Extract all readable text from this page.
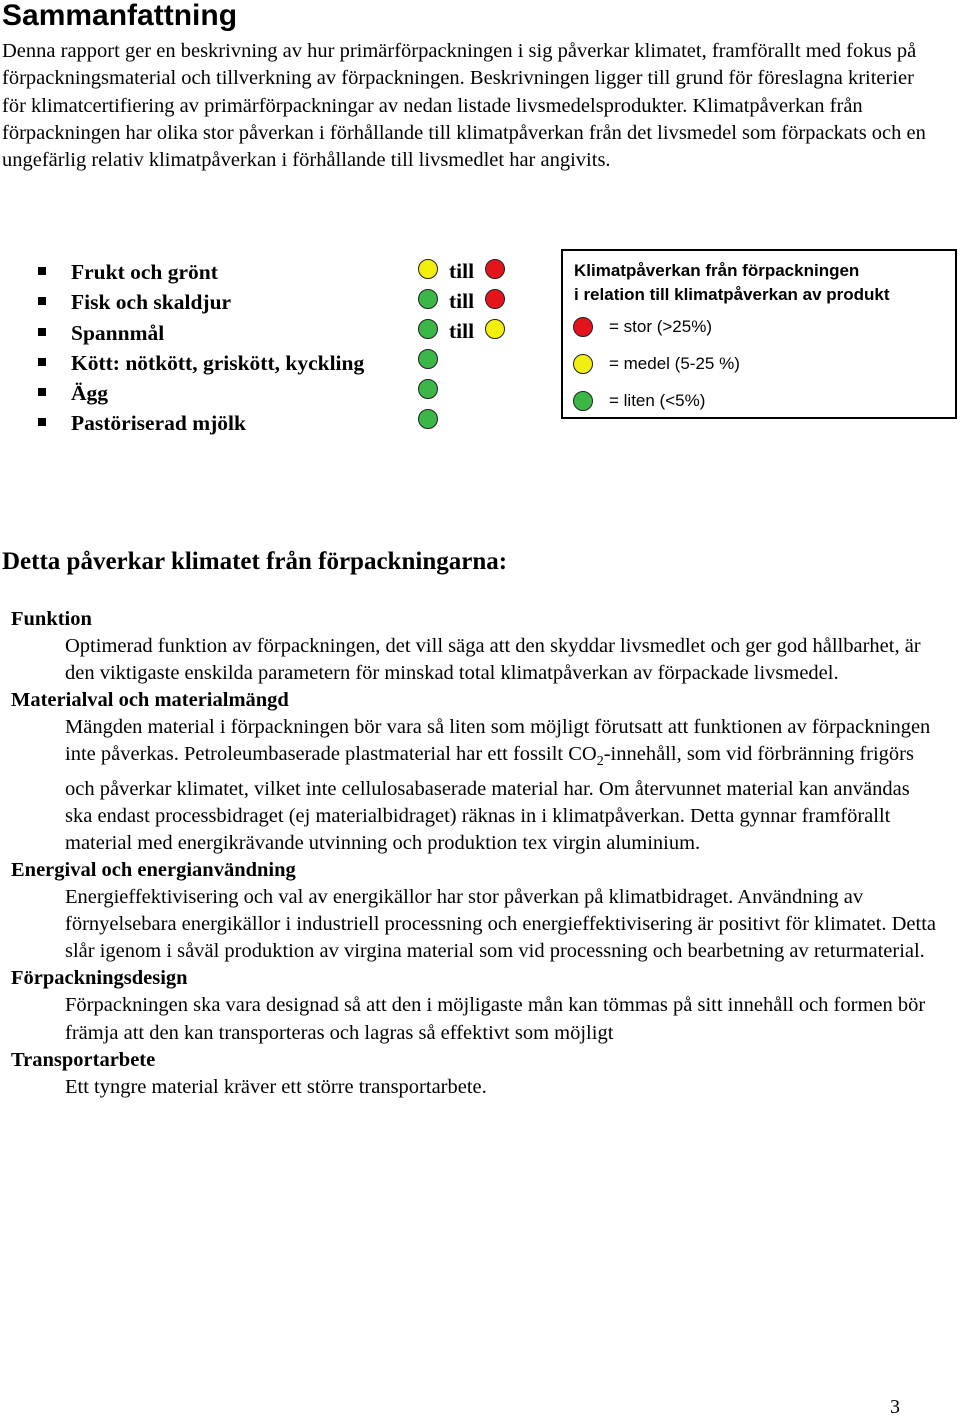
Sammanfattning

Denna rapport ger en beskrivning av hur primärförpackningen i sig påverkar klimatet, framförallt med fokus på förpackningsmaterial och tillverkning av förpackningen. Beskrivningen ligger till grund för föreslagna kriterier för klimatcertifiering av primärförpackningar av nedan listade livsmedelsprodukter. Klimatpåverkan från förpackningen har olika stor påverkan i förhållande till klimatpåverkan från det livsmedel som förpackats och en ungefärlig relativ klimatpåverkan i förhållande till livsmedlet har angivits.

Frukt och grönt
Fisk och skaldjur
Spannmål
Kött: nötkött, griskött, kyckling
Ägg
Pastöriserad mjölk
till
till
till
Klimatpåverkan från förpackningen
i relation till klimatpåverkan av produkt
= stor (>25%)
= medel (5-25 %)
= liten (<5%)
Detta påverkar klimatet från förpackningarna:

Funktion

Optimerad funktion av förpackningen, det vill säga att den skyddar livsmedlet och ger god hållbarhet, är den viktigaste enskilda parametern för minskad total klimatpåverkan av förpackade livsmedel.

Materialval och materialmängd

Mängden material i förpackningen bör vara så liten som möjligt förutsatt att funktionen av förpackningen inte påverkas. Petroleumbaserade plastmaterial har ett fossilt $CO_2$-innehåll, som vid förbränning frigörs och påverkar klimatet, vilket inte cellulosabaserade material har. Om återvunnet material kan användas ska endast processbidraget (ej materialbidraget) räknas in i klimatpåverkan. Detta gynnar framförallt material med energikrävande utvinning och produktion tex virgin aluminium.

Energival och energianvändning

Energieffektivisering och val av energikällor har stor påverkan på klimatbidraget. Användning av förnyelsebara energikällor i industriell processning och energieffektivisering är positivt för klimatet. Detta slår igenom i såväl produktion av virgina material som vid processning och bearbetning av returmaterial.

Förpackningsdesign

Förpackningen ska vara designad så att den i möjligaste mån kan tömmas på sitt innehåll och formen bör främja att den kan transporteras och lagras så effektivt som möjligt

Transportarbete

Ett tyngre material kräver ett större transportarbete.

3
